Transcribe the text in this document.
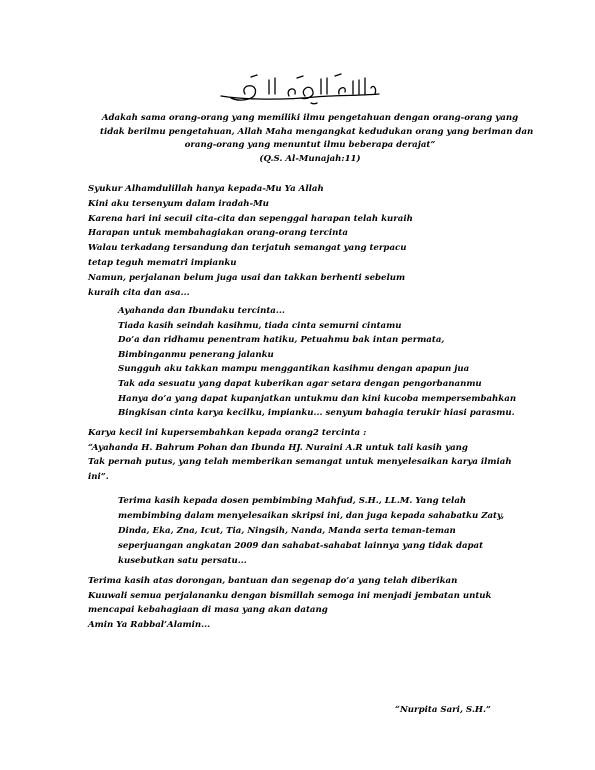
Adakah sama orang-orang yang memiliki ilmu pengetahuan dengan orang-orang yang
tidak berilmu pengetahuan, Allah Maha mengangkat kedudukan orang yang beriman dan
orang-orang yang menuntut ilmu beberapa derajat”
(Q.S. Al-Munajah:11)
Syukur Alhamdulillah hanya kepada-Mu Ya Allah
Kini aku tersenyum dalam iradah-Mu
Karena hari ini secuil cita-cita dan sepenggal harapan telah kuraih
Harapan untuk membahagiakan orang-orang tercinta
Walau terkadang tersandung dan terjatuh semangat yang terpacu
tetap teguh mematri impianku
Namun, perjalanan belum juga usai dan takkan berhenti sebelum
kuraih cita dan asa...
Ayahanda dan Ibundaku tercinta...
Tiada kasih seindah kasihmu, tiada cinta semurni cintamu
Do’a dan ridhamu penentram hatiku, Petuahmu bak intan permata,
Bimbinganmu penerang jalanku
Sungguh aku takkan mampu menggantikan kasihmu dengan apapun jua
Tak ada sesuatu yang dapat kuberikan agar setara dengan pengorbananmu
Hanya do’a yang dapat kupanjatkan untukmu dan kini kucoba mempersembahkan
Bingkisan cinta karya kecilku, impianku... senyum bahagia terukir hiasi parasmu.
Karya kecil ini kupersembahkan kepada orang2 tercinta :
“Ayahanda H. Bahrum Pohan dan Ibunda HJ. Nuraini A.R untuk tali kasih yang
Tak pernah putus, yang telah memberikan semangat untuk menyelesaikan karya ilmiah
ini”.
Terima kasih kepada dosen pembimbing Mahfud, S.H., LL.M. Yang telah
membimbing dalam menyelesaikan skripsi ini, dan juga kepada sahabatku Zaty,
Dinda, Eka, Zna, Icut, Tia, Ningsih, Nanda, Manda serta teman-teman
seperjuangan angkatan 2009 dan sahabat-sahabat lainnya yang tidak dapat
kusebutkan satu persatu...
Terima kasih atas dorongan, bantuan dan segenap do’a yang telah diberikan
Kuuwali semua perjalananku dengan bismillah semoga ini menjadi jembatan untuk
mencapai kebahagiaan di masa yang akan datang
Amin Ya Rabbal’Alamin...
“Nurpita Sari, S.H.”
